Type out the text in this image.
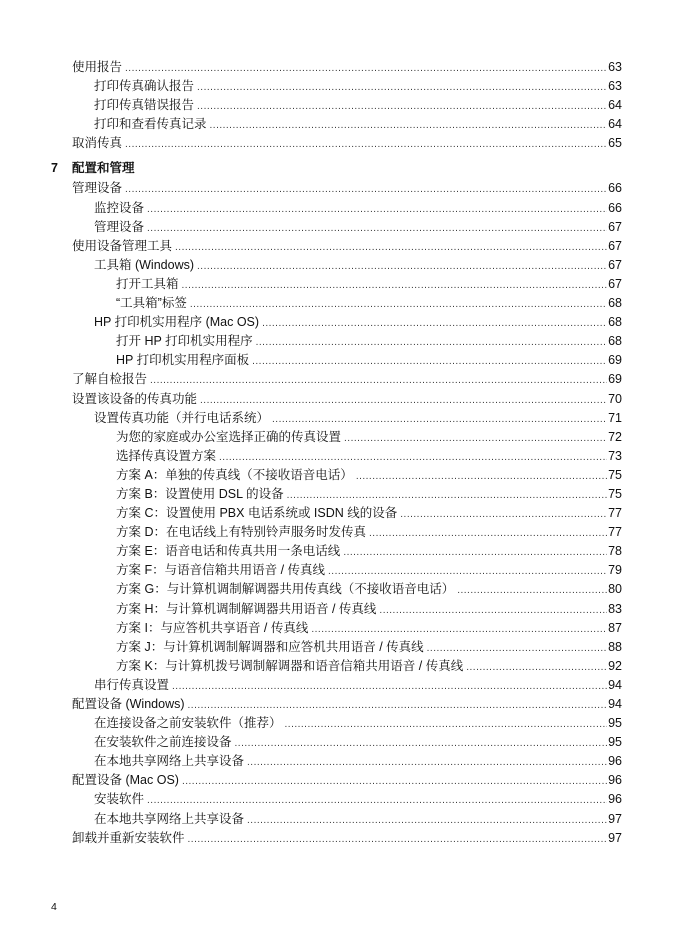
使用报告 .....	63
打印传真确认报告 .....	63
打印传真错误报告 .....	64
打印和查看传真记录 .....	64
取消传真 .....	65
7 配置和管理
管理设备 .....	66
监控设备 .....	66
管理设备 .....	67
使用设备管理工具 .....	67
工具箱 (Windows) .....	67
打开工具箱 .....	67
“工具箱”标签 .....	68
HP 打印机实用程序 (Mac OS) .....	68
打开 HP 打印机实用程序 .....	68
HP 打印机实用程序面板 .....	69
了解自检报告 .....	69
设置该设备的传真功能 .....	70
设置传真功能（并行电话系统） .....	71
为您的家庭或办公室选择正确的传真设置 .....	72
选择传真设置方案 .....	73
方案 A：单独的传真线（不接收语音电话） .....	75
方案 B：设置使用 DSL 的设备 .....	75
方案 C：设置使用 PBX 电话系统或 ISDN 线的设备 .....	77
方案 D：在电话线上有特别铃声服务时发传真 .....	77
方案 E：语音电话和传真共用一条电话线 .....	78
方案 F：与语音信箱共用语音 / 传真线 .....	79
方案 G：与计算机调制解调器共用传真线（不接收语音电话） .....	80
方案 H：与计算机调制解调器共用语音 / 传真线 .....	83
方案 I：与应答机共享语音 / 传真线 .....	87
方案 J：与计算机调制解调器和应答机共用语音 / 传真线 .....	88
方案 K：与计算机拨号调制解调器和语音信箱共用语音 / 传真线 .....	92
串行传真设置 .....	94
配置设备 (Windows) .....	94
在连接设备之前安装软件（推荐） .....	95
在安装软件之前连接设备 .....	95
在本地共享网络上共享设备 .....	96
配置设备 (Mac OS) .....	96
安装软件 .....	96
在本地共享网络上共享设备 .....	97
卸载并重新安装软件 .....	97
4
